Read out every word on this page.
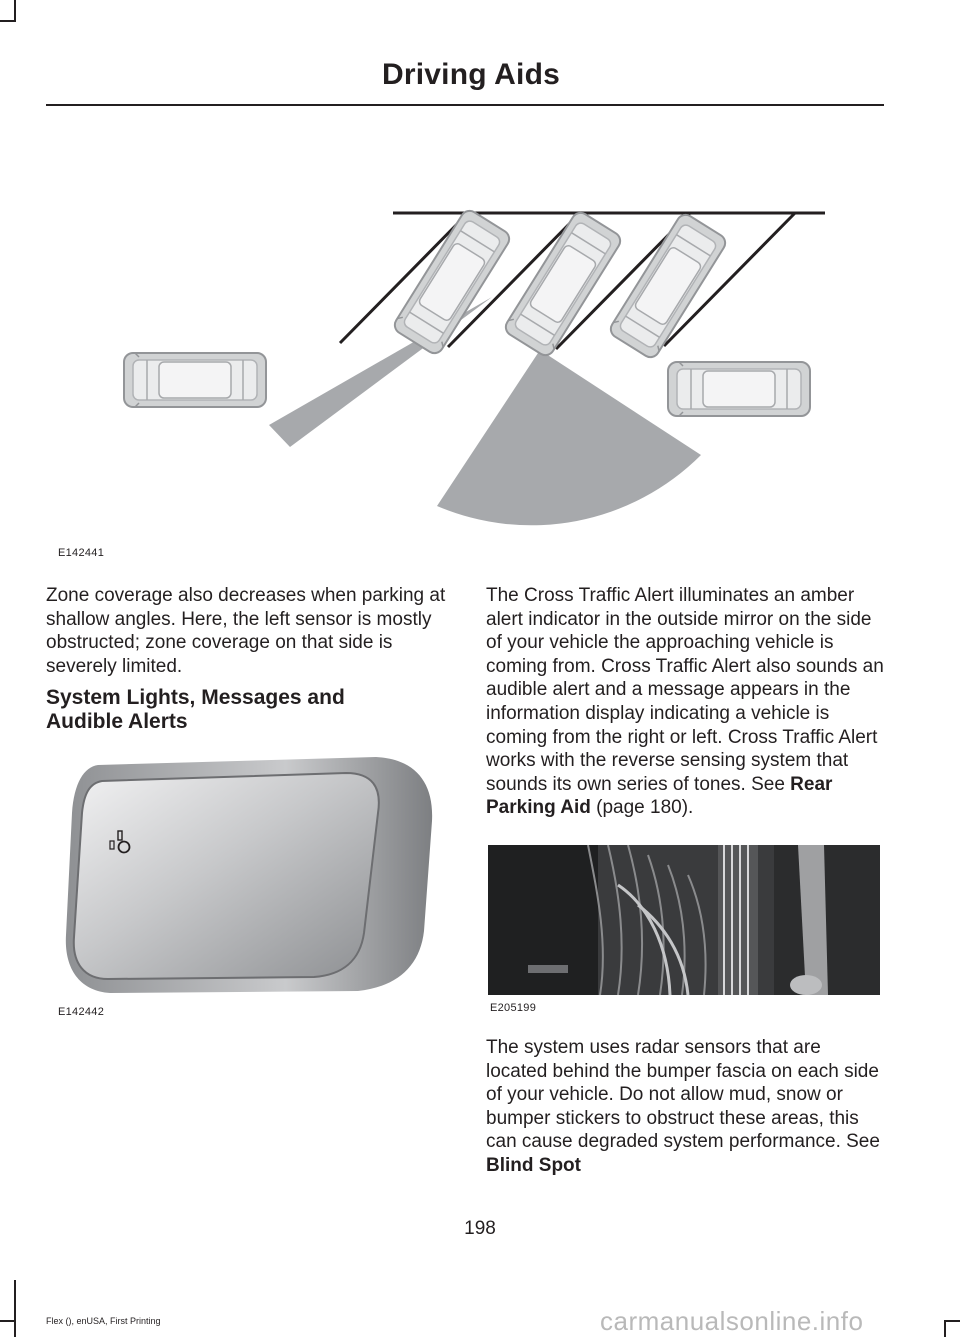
Driving Aids
E142441

Zone coverage also decreases when parking at shallow angles. Here, the left sensor is mostly obstructed; zone coverage on that side is severely limited.

System Lights, Messages and Audible Alerts
E142442

The Cross Traffic Alert illuminates an amber alert indicator in the outside mirror on the side of your vehicle the approaching vehicle is coming from. Cross Traffic Alert also sounds an audible alert and a message appears in the information display indicating a vehicle is coming from the right or left. Cross Traffic Alert works with the reverse sensing system that sounds its own series of tones. See Rear Parking Aid (page 180).

E205199

The system uses radar sensors that are located behind the bumper fascia on each side of your vehicle. Do not allow mud, snow or bumper stickers to obstruct these areas, this can cause degraded system performance. See Blind Spot

198
Flex (), enUSA, First Printing	carmanualsonline.info
